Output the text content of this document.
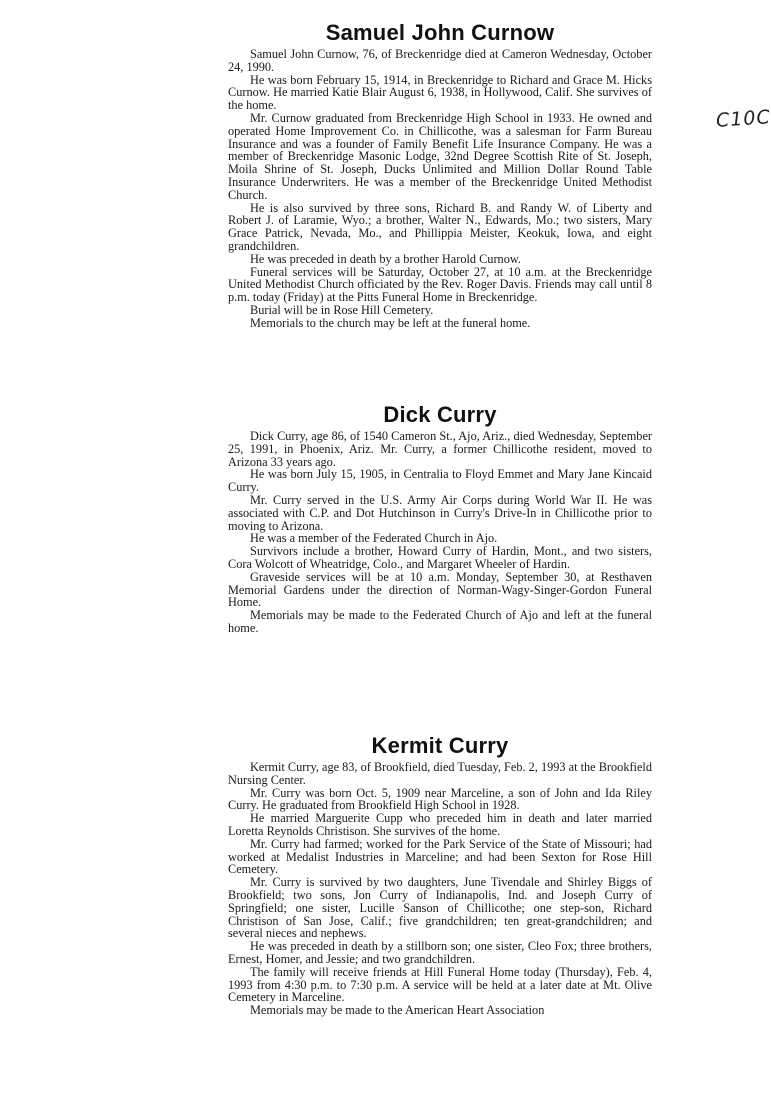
C10C
Samuel John Curnow

Samuel John Curnow, 76, of Breckenridge died at Cameron Wednesday, October 24, 1990.

He was born February 15, 1914, in Breckenridge to Richard and Grace M. Hicks Curnow. He married Katie Blair August 6, 1938, in Hollywood, Calif. She survives of the home.

Mr. Curnow graduated from Breckenridge High School in 1933. He owned and operated Home Improvement Co. in Chillicothe, was a salesman for Farm Bureau Insurance and was a founder of Family Benefit Life Insurance Company. He was a member of Breckenridge Masonic Lodge, 32nd Degree Scottish Rite of St. Joseph, Moila Shrine of St. Joseph, Ducks Unlimited and Million Dollar Round Table Insurance Underwriters. He was a member of the Breckenridge United Methodist Church.

He is also survived by three sons, Richard B. and Randy W. of Liberty and Robert J. of Laramie, Wyo.; a brother, Walter N., Edwards, Mo.; two sisters, Mary Grace Patrick, Nevada, Mo., and Phillippia Meister, Keokuk, Iowa, and eight grandchildren.

He was preceded in death by a brother Harold Curnow.

Funeral services will be Saturday, October 27, at 10 a.m. at the Breckenridge United Methodist Church officiated by the Rev. Roger Davis. Friends may call until 8 p.m. today (Friday) at the Pitts Funeral Home in Breckenridge.

Burial will be in Rose Hill Cemetery.

Memorials to the church may be left at the funeral home.

Dick Curry

Dick Curry, age 86, of 1540 Cameron St., Ajo, Ariz., died Wednesday, September 25, 1991, in Phoenix, Ariz. Mr. Curry, a former Chillicothe resident, moved to Arizona 33 years ago.

He was born July 15, 1905, in Centralia to Floyd Emmet and Mary Jane Kincaid Curry.

Mr. Curry served in the U.S. Army Air Corps during World War II. He was associated with C.P. and Dot Hutchinson in Curry's Drive-In in Chillicothe prior to moving to Arizona.

He was a member of the Federated Church in Ajo.

Survivors include a brother, Howard Curry of Hardin, Mont., and two sisters, Cora Wolcott of Wheatridge, Colo., and Margaret Wheeler of Hardin.

Graveside services will be at 10 a.m. Monday, September 30, at Resthaven Memorial Gardens under the direction of Norman-Wagy-Singer-Gordon Funeral Home.

Memorials may be made to the Federated Church of Ajo and left at the funeral home.

Kermit Curry

Kermit Curry, age 83, of Brookfield, died Tuesday, Feb. 2, 1993 at the Brookfield Nursing Center.

Mr. Curry was born Oct. 5, 1909 near Marceline, a son of John and Ida Riley Curry. He graduated from Brookfield High School in 1928.

He married Marguerite Cupp who preceded him in death and later married Loretta Reynolds Christison. She survives of the home.

Mr. Curry had farmed; worked for the Park Service of the State of Missouri; had worked at Medalist Industries in Marceline; and had been Sexton for Rose Hill Cemetery.

Mr. Curry is survived by two daughters, June Tivendale and Shirley Biggs of Brookfield; two sons, Jon Curry of Indianapolis, Ind. and Joseph Curry of Springfield; one sister, Lucille Sanson of Chillicothe; one step-son, Richard Christison of San Jose, Calif.; five grandchildren; ten great-grandchildren; and several nieces and nephews.

He was preceded in death by a stillborn son; one sister, Cleo Fox; three brothers, Ernest, Homer, and Jessie; and two grandchildren.

The family will receive friends at Hill Funeral Home today (Thursday), Feb. 4, 1993 from 4:30 p.m. to 7:30 p.m. A service will be held at a later date at Mt. Olive Cemetery in Marceline.

Memorials may be made to the American Heart Association
